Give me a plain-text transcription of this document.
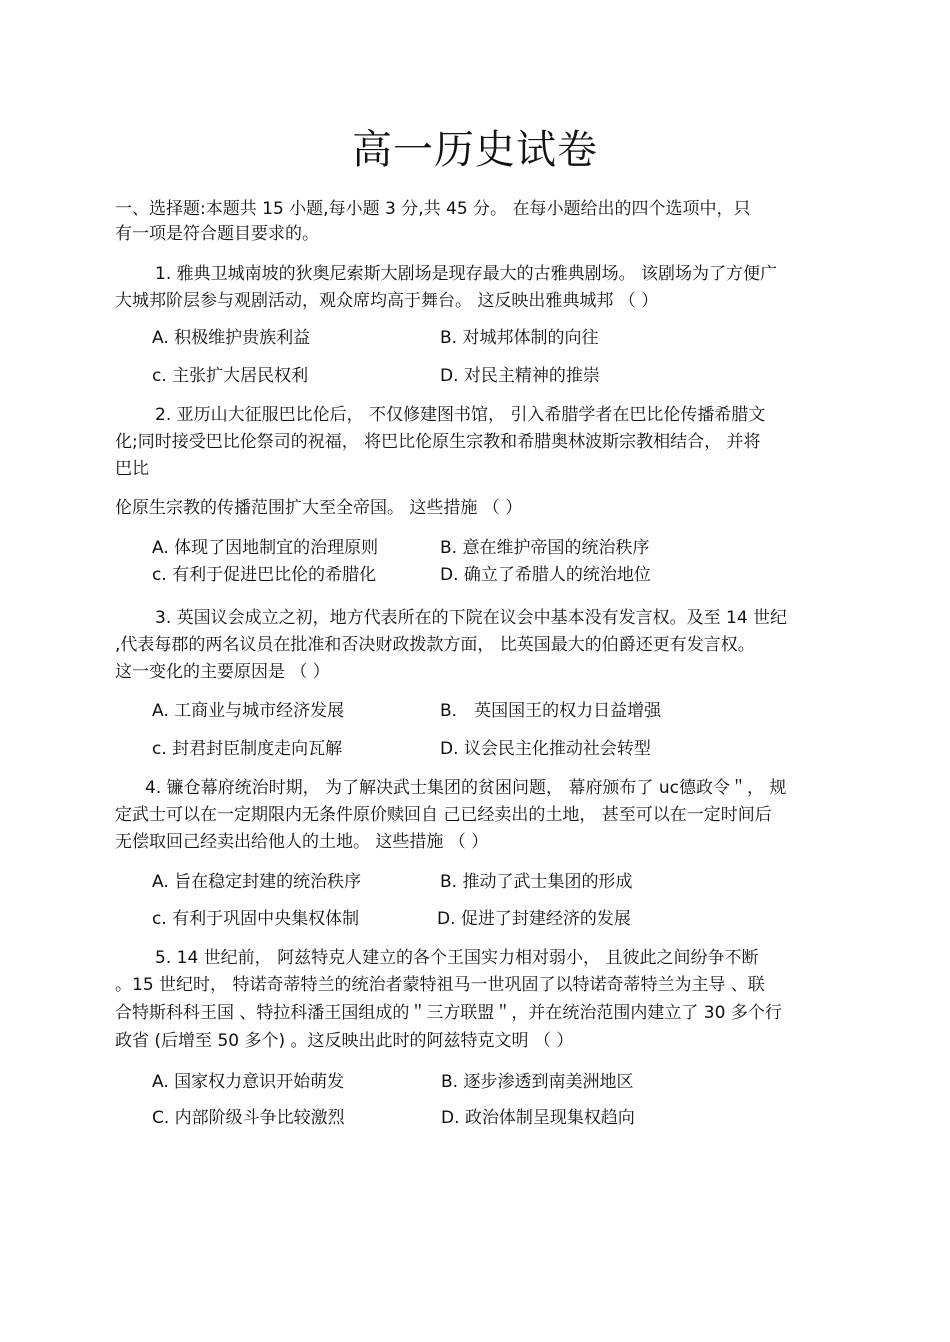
高一历史试卷
一、选择题:本题共 15 小题,每小题 3 分,共 45 分。 在每小题给出的四个选项中，只
有一项是符合题目要求的。
1. 雅典卫城南坡的狄奥尼索斯大剧场是现存最大的古雅典剧场。 该剧场为了方便广
大城邦阶层参与观剧活动，观众席均高于舞台。 这反映出雅典城邦 （ ）
A. 积极维护贵族利益	B. 对城邦体制的向往
c. 主张扩大居民权利	D. 对民主精神的推崇
2. 亚历山大征服巴比伦后， 不仅修建图书馆， 引入希腊学者在巴比伦传播希腊文
化;同时接受巴比伦祭司的祝福， 将巴比伦原生宗教和希腊奥林波斯宗教相结合， 并将
巴比
伦原生宗教的传播范围扩大至全帝国。 这些措施 （ ）
A. 体现了因地制宜的治理原则	B. 意在维护帝国的统治秩序
c. 有利于促进巴比伦的希腊化	D. 确立了希腊人的统治地位
3. 英国议会成立之初，地方代表所在的下院在议会中基本没有发言权。及至 14 世纪
,代表每郡的两名议员在批准和否决财政拨款方面， 比英国最大的伯爵还更有发言权。
这一变化的主要原因是 （ ）
A. 工商业与城市经济发展	B． 英国国王的权力日益增强
c. 封君封臣制度走向瓦解	D. 议会民主化推动社会转型
4. 镰仓幕府统治时期， 为了解决武士集团的贫困问题， 幕府颁布了 uc德政令＂， 规
定武士可以在一定期限内无条件原价赎回自 己已经卖出的土地， 甚至可以在一定时间后
无偿取回己经卖出给他人的土地。 这些措施 （ ）
A. 旨在稳定封建的统治秩序	B. 推动了武士集团的形成
c. 有利于巩固中央集权体制	D. 促进了封建经济的发展
5. 14 世纪前， 阿兹特克人建立的各个王国实力相对弱小， 且彼此之间纷争不断
。15 世纪时， 特诺奇蒂特兰的统治者蒙特祖马一世巩固了以特诺奇蒂特兰为主导 、联
合特斯科科王国 、特拉科潘王国组成的＂三方联盟＂，并在统治范围内建立了 30 多个行
政省 (后增至 50 多个) 。这反映出此时的阿兹特克文明 （ ）
A. 国家权力意识开始萌发	B. 逐步渗透到南美洲地区
C. 内部阶级斗争比较激烈	D. 政治体制呈现集权趋向
